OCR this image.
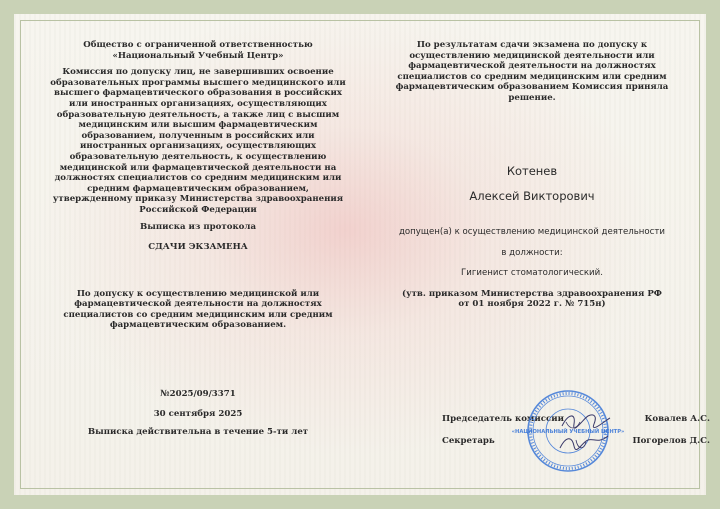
Общество с ограниченной ответственностью

«Национальный Учебный Центр»

Комиссия по допуску лиц, не завершивших освоение образовательных программы высшего медицинского или высшего фармацевтического образования в российских или иностранных организациях, осуществляющих образовательную деятельность, а также лиц с высшим медицинским или высшим фармацевтическим образованием, полученным в российских или иностранных организациях, осуществляющих образовательную деятельность, к осуществлению медицинской или фармацевтической деятельности на должностях специалистов со средним медицинским или средним фармацевтическим образованием, утвержденному приказу Министерства здравоохранения Российской Федерации

Выписка из протокола

СДАЧИ ЭКЗАМЕНА

По допуску к осуществлению медицинской или фармацевтической деятельности на должностях специалистов со средним медицинским или средним фармацевтическим образованием.

№2025/09/3371

30 сентября 2025

Выписка действительна в течение 5-ти лет

По результатам сдачи экзамена по допуску к осуществлению медицинской деятельности или фармацевтической деятельности на должностях специалистов со средним медицинским или средним фармацевтическим образованием Комиссия приняла решение.

Котенев

Алексей Викторович

допущен(а) к осуществлению медицинской деятельности

в должности:

Гигиенист стоматологический.

(утв. приказом Министерства здравоохранения РФ

от 01 ноября 2022 г. № 715н)

Председатель комиссии	Ковалев А.С.
Секретарь	Погорелов Д.С.
«НАЦИОНАЛЬНЫЙ УЧЕБНЫЙ ЦЕНТР»
